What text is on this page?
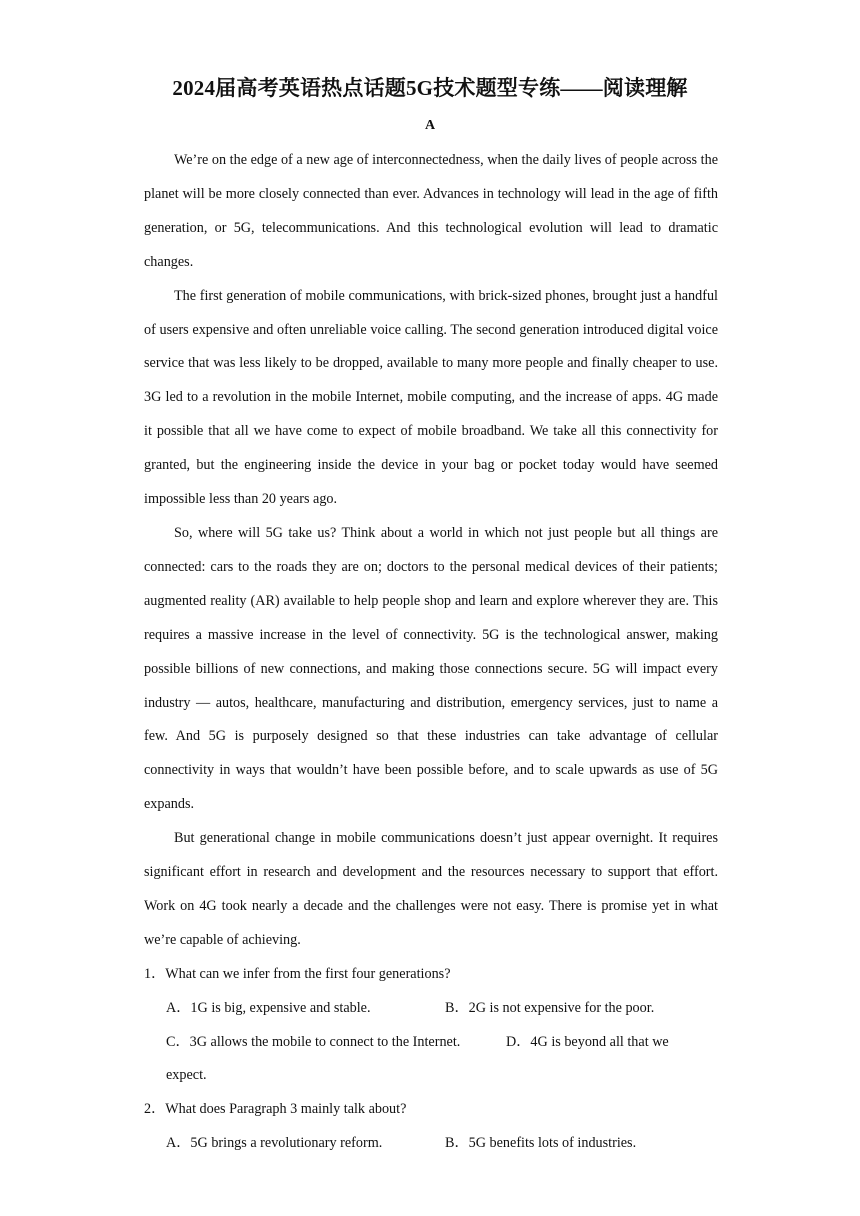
2024届高考英语热点话题5G技术题型专练——阅读理解
A

We’re on the edge of a new age of interconnectedness, when the daily lives of people across the planet will be more closely connected than ever. Advances in technology will lead in the age of fifth generation, or 5G, telecommunications. And this technological evolution will lead to dramatic changes.

The first generation of mobile communications, with brick-sized phones, brought just a handful of users expensive and often unreliable voice calling. The second generation introduced digital voice service that was less likely to be dropped, available to many more people and finally cheaper to use. 3G led to a revolution in the mobile Internet, mobile computing, and the increase of apps. 4G made it possible that all we have come to expect of mobile broadband. We take all this connectivity for granted, but the engineering inside the device in your bag or pocket today would have seemed impossible less than 20 years ago.

So, where will 5G take us? Think about a world in which not just people but all things are connected: cars to the roads they are on; doctors to the personal medical devices of their patients; augmented reality (AR) available to help people shop and learn and explore wherever they are. This requires a massive increase in the level of connectivity. 5G is the technological answer, making possible billions of new connections, and making those connections secure. 5G will impact every industry — autos, healthcare, manufacturing and distribution, emergency services, just to name a few. And 5G is purposely designed so that these industries can take advantage of cellular connectivity in ways that wouldn’t have been possible before, and to scale upwards as use of 5G expands.

But generational change in mobile communications doesn’t just appear overnight. It requires significant effort in research and development and the resources necessary to support that effort. Work on 4G took nearly a decade and the challenges were not easy. There is promise yet in what we’re capable of achieving.

1．What can we infer from the first four generations?

A．1G is big, expensive and stable.	B．2G is not expensive for the poor.
C．3G allows the mobile to connect to the Internet.	D．4G is beyond all that we
expect.

2．What does Paragraph 3 mainly talk about?

A．5G brings a revolutionary reform.	B．5G benefits lots of industries.
